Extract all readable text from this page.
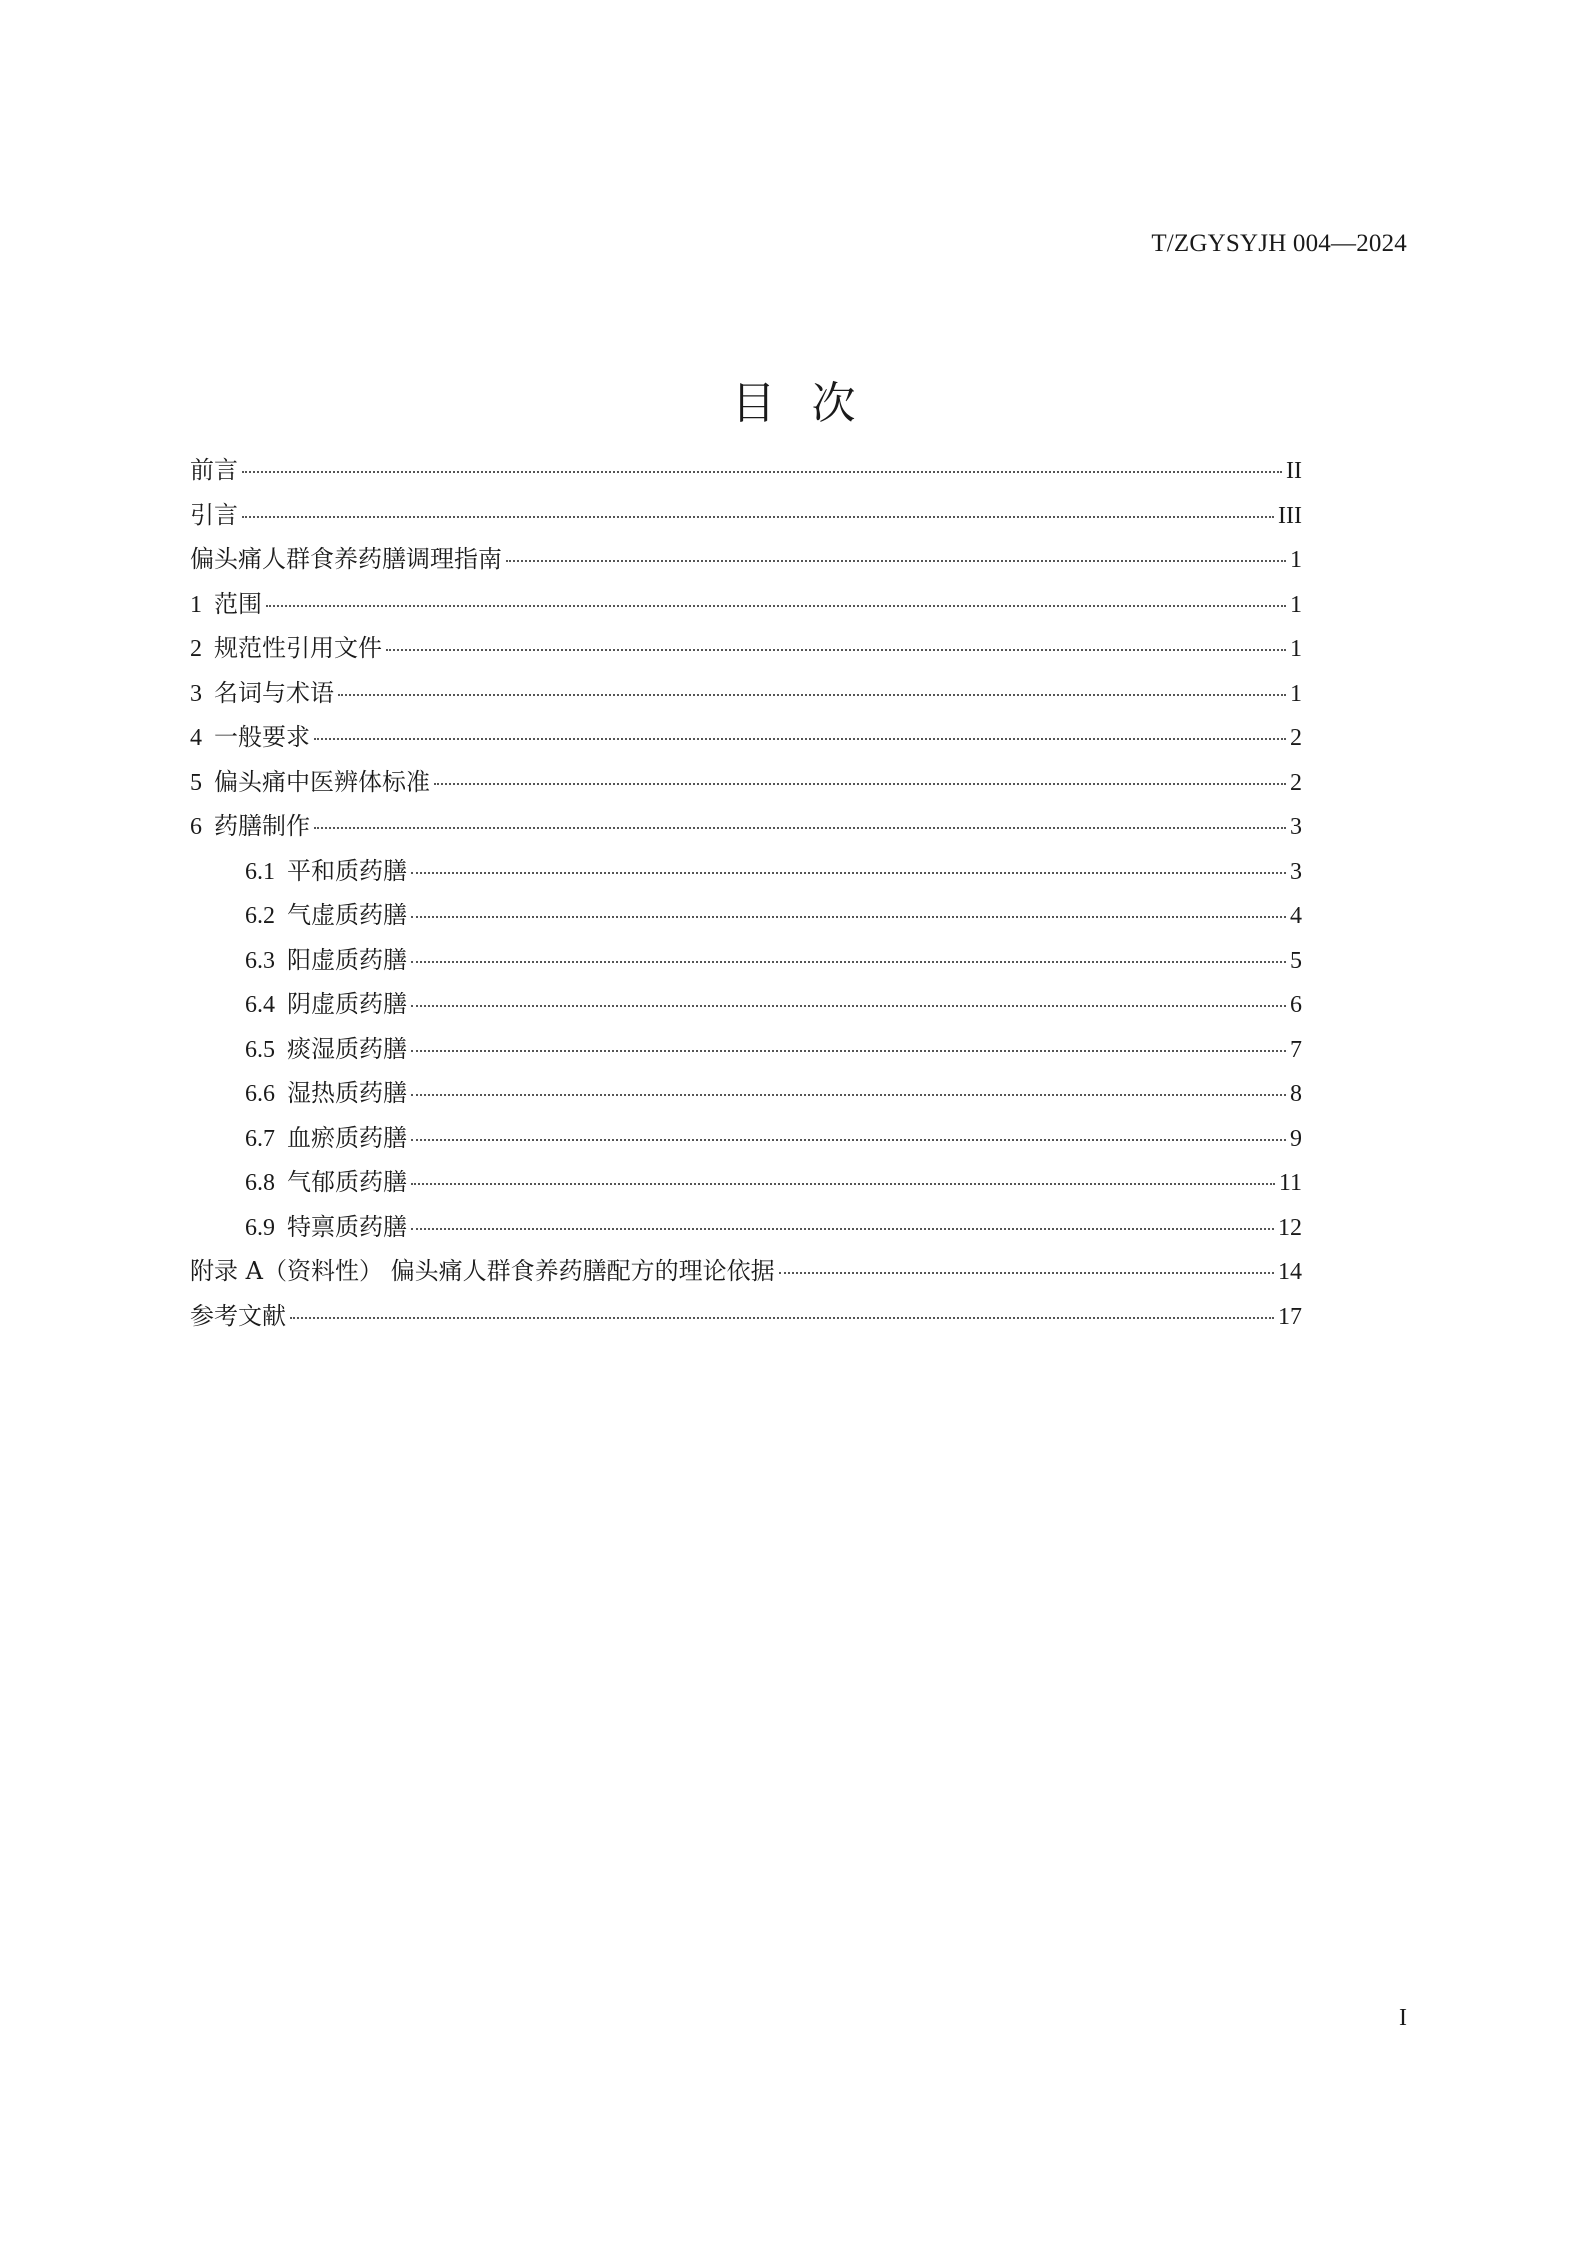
T/ZGYSYJH 004—2024
目次
前言	II
引言	III
偏头痛人群食养药膳调理指南	1
1 范围	1
2 规范性引用文件	1
3 名词与术语	1
4 一般要求	2
5 偏头痛中医辨体标准	2
6 药膳制作	3
6.1 平和质药膳	3
6.2 气虚质药膳	4
6.3 阳虚质药膳	5
6.4 阴虚质药膳	6
6.5 痰湿质药膳	7
6.6 湿热质药膳	8
6.7 血瘀质药膳	9
6.8 气郁质药膳	11
6.9 特禀质药膳	12
附录 A（资料性） 偏头痛人群食养药膳配方的理论依据	14
参考文献	17
I
